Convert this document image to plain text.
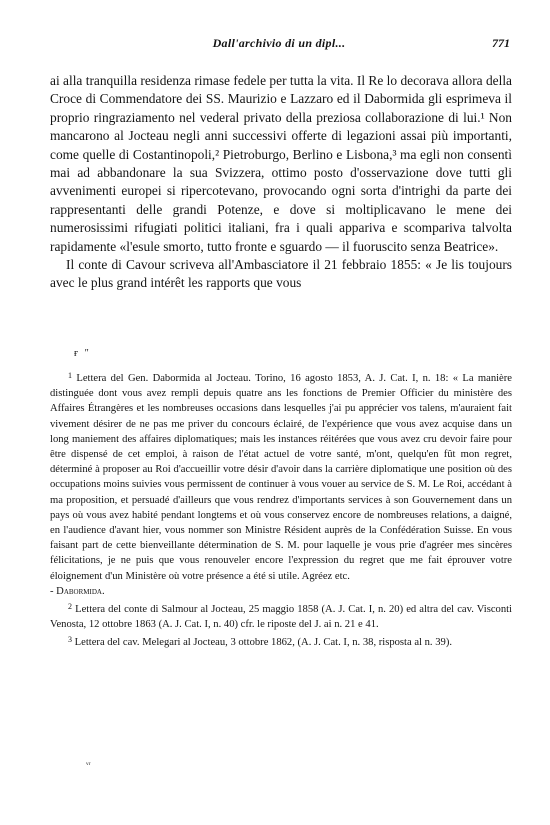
Dall'archivio di un dipl...	771

ai alla tranquilla residenza rimase fedele per tutta la vita. Il Re lo decorava allora della Croce di Commendatore dei SS. Maurizio e Lazzaro ed il Dabormida gli esprimeva il proprio ringraziamento nel vederal privato della preziosa collaborazione di lui.¹ Non mancarono al Jocteau negli anni successivi offerte di legazioni assai più importanti, come quelle di Costantinopoli,² Pietroburgo, Berlino e Lisbona,³ ma egli non consentì mai ad abbandonare la sua Svizzera, ottimo posto d'osservazione dove tutti gli avvenimenti europei si ripercotevano, provocando ogni sorta d'intrighi da parte dei rappresentanti delle grandi Potenze, e dove si moltiplicavano le mene dei numerosissimi rifugiati politici italiani, fra i quali appariva e scompariva talvolta rapidamente «l'esule smorto, tutto fronte e sguardo — il fuoruscito senza Beatrice».

Il conte di Cavour scriveva all'Ambasciatore il 21 febbraio 1855: « Je lis toujours avec le plus grand intérêt les rapports que vous

ғ ʺ

$^1$ Lettera del Gen. Dabormida al Jocteau. Torino, 16 agosto 1853, A. J. Cat. I, n. 18: « La manière distinguée dont vous avez rempli depuis quatre ans les fonctions de Premier Officier du ministère des Affaires Étrangères et les nombreuses occasions dans lesquelles j'ai pu apprécier vos talens, m'auraient fait vivement désirer de ne pas me priver du concours éclairé, de l'expérience que vous avez acquise dans un long maniement des affaires diplomatiques; mais les instances réitérées que vous avez cru devoir faire pour être dispensé de cet emploi, à raison de l'état actuel de votre santé, m'ont, quelqu'en fût mon regret, déterminé à proposer au Roi d'accueillir votre désir d'avoir dans la carrière diplomatique une position où des occupations moins suivies vous permissent de continuer à vous vouer au service de S. M. Le Roi, accédant à ma proposition, et persuadé d'ailleurs que vous rendrez d'importants services à son Gouvernement dans un pays où vous avez habité pendant longtems et où vous conservez encore de nombreuses relations, a daigné, en l'audience d'avant hier, vous nommer son Ministre Résident auprès de la Confédération Suisse. En vous faisant part de cette bienveillante détermination de S. M. pour laquelle je vous prie d'agréer mes sincères félicitations, je ne puis que vous renouveler encore l'expression du regret que me fait éprouver votre éloignement d'un Ministère où votre présence a été si utile. Agréez etc.

- Dabormida.

$^2$ Lettera del conte di Salmour al Jocteau, 25 maggio 1858 (A. J. Cat. I, n. 20) ed altra del cav. Visconti Venosta, 12 ottobre 1863 (A. J. Cat. I, n. 40) cfr. le riposte del J. ai n. 21 e 41.

$^3$ Lettera del cav. Melegari al Jocteau, 3 ottobre 1862, (A. J. Cat. I, n. 38, risposta al n. 39).

ᵥᵣ
